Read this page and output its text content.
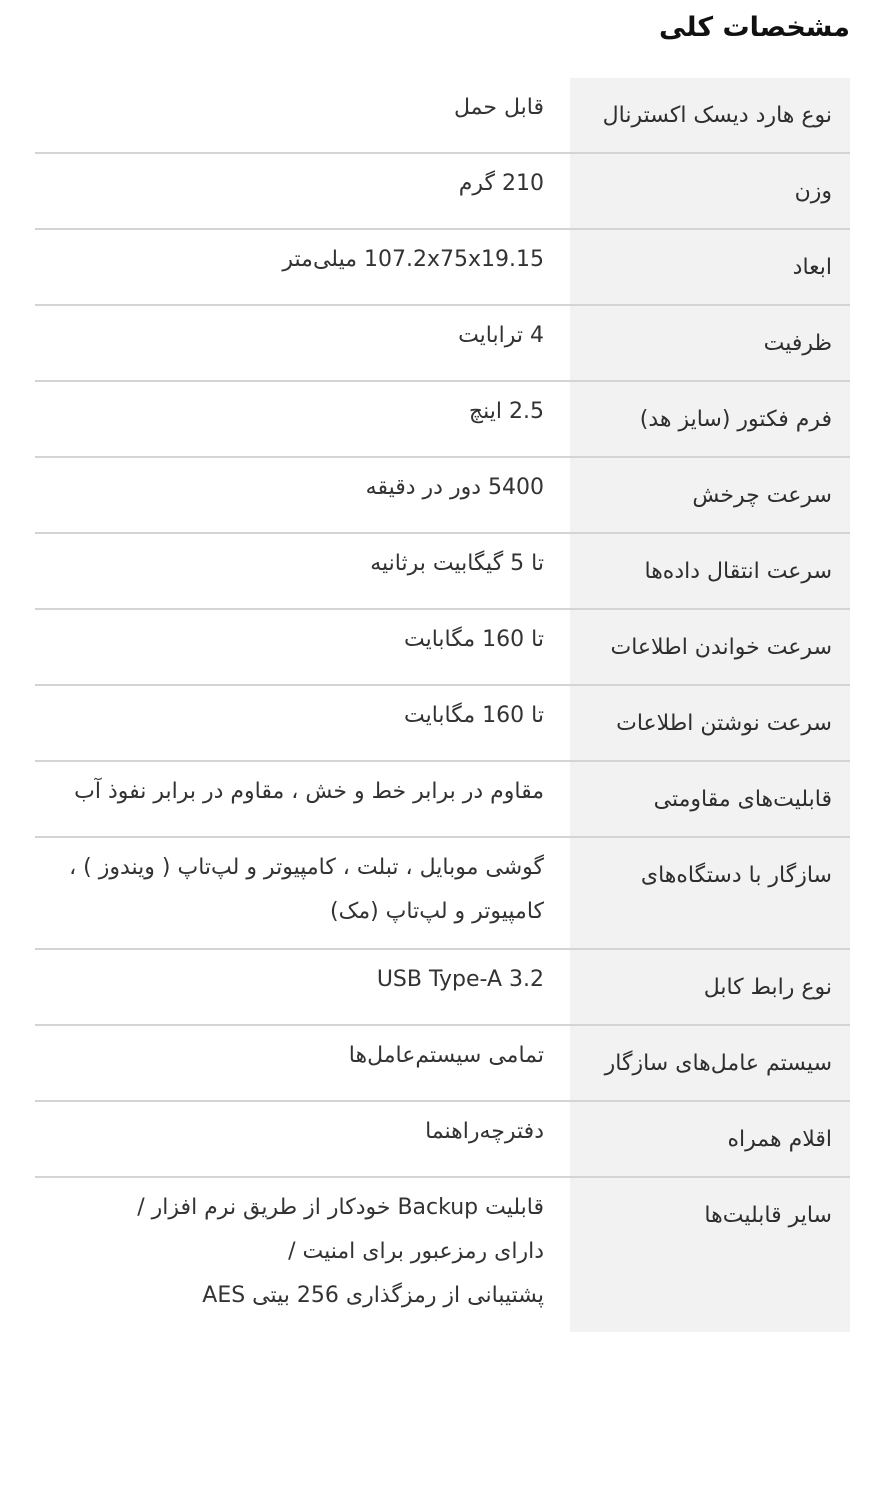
مشخصات کلی
نوع هارد دیسک اکسترنال
قابل حمل
وزن
210 گرم
ابعاد
107.2x75x19.15 میلی‌متر
ظرفیت
4 ترابایت
فرم فکتور (سایز هد)
2.5 اینچ
سرعت چرخش
5400 دور در دقیقه
سرعت انتقال داده‌ها
تا 5 گیگابیت برثانیه
سرعت خواندن اطلاعات
تا 160 مگابایت
سرعت نوشتن اطلاعات
تا 160 مگابایت
قابلیت‌های مقاومتی
مقاوم در برابر خط و خش ، مقاوم در برابر نفوذ آب
سازگار با دستگاه‌های
گوشی موبایل ، تبلت ، کامپیوتر و لپ‌تاپ ( ویندوز ) ، کامپیوتر و لپ‌تاپ (مک)
نوع رابط کابل
USB Type-A 3.2
سیستم عامل‌های سازگار
تمامی سیستم‌عامل‌ها
اقلام همراه
دفترچه‌راهنما
سایر قابلیت‌ها
قابلیت Backup خودکار از طریق نرم افزار /
دارای رمزعبور برای امنیت /
پشتیبانی از رمزگذاری 256 بیتی AES
